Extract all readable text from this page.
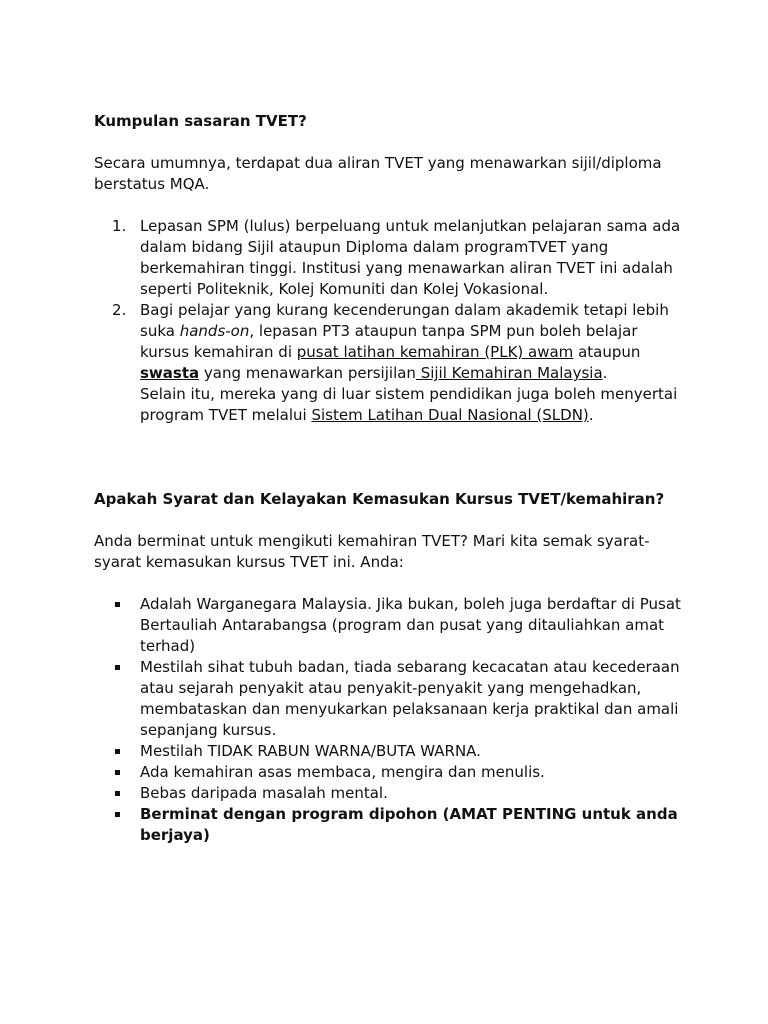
Kumpulan sasaran TVET?

Secara umumnya, terdapat dua aliran TVET yang menawarkan sijil/diploma berstatus MQA.

1. Lepasan SPM (lulus) berpeluang untuk melanjutkan pelajaran sama ada dalam bidang Sijil ataupun Diploma dalam programTVET yang berkemahiran tinggi. Institusi yang menawarkan aliran TVET ini adalah seperti Politeknik, Kolej Komuniti dan Kolej Vokasional.
2. Bagi pelajar yang kurang kecenderungan dalam akademik tetapi lebih suka hands-on, lepasan PT3 ataupun tanpa SPM pun boleh belajar kursus kemahiran di pusat latihan kemahiran (PLK) awam ataupun swasta yang menawarkan persijilan Sijil Kemahiran Malaysia.
Selain itu, mereka yang di luar sistem pendidikan juga boleh menyertai program TVET melalui Sistem Latihan Dual Nasional (SLDN).

Apakah Syarat dan Kelayakan Kemasukan Kursus TVET/kemahiran?

Anda berminat untuk mengikuti kemahiran TVET? Mari kita semak syarat-syarat kemasukan kursus TVET ini. Anda:

Adalah Warganegara Malaysia. Jika bukan, boleh juga berdaftar di Pusat Bertauliah Antarabangsa (program dan pusat yang ditauliahkan amat terhad)
Mestilah sihat tubuh badan, tiada sebarang kecacatan atau kecederaan atau sejarah penyakit atau penyakit-penyakit yang mengehadkan, membataskan dan menyukarkan pelaksanaan kerja praktikal dan amali sepanjang kursus.
Mestilah TIDAK RABUN WARNA/BUTA WARNA.
Ada kemahiran asas membaca, mengira dan menulis.
Bebas daripada masalah mental.
Berminat dengan program dipohon (AMAT PENTING untuk anda berjaya)
